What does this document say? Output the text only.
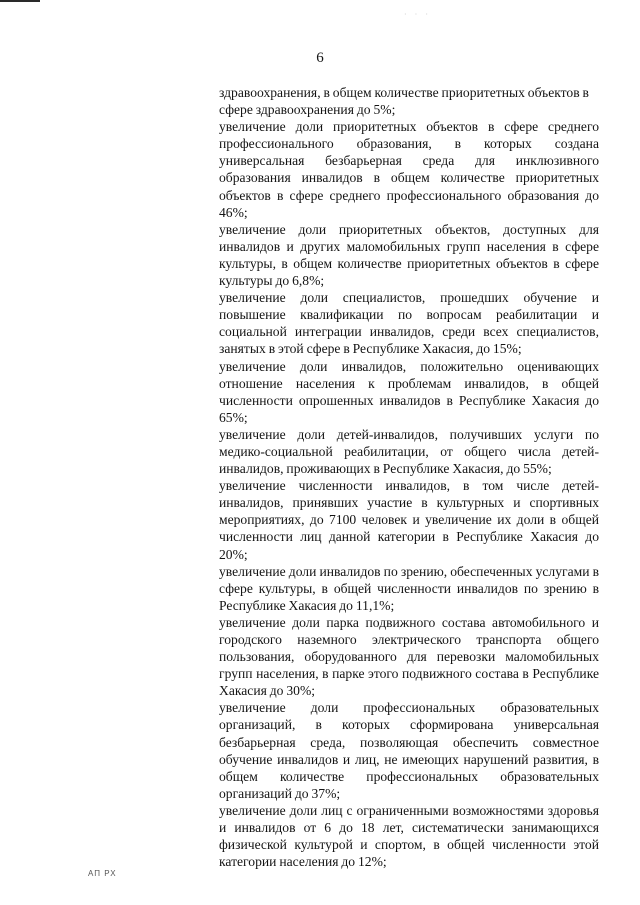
· · ·
6

здравоохранения, в общем количестве приоритетных объектов в сфере здравоохранения до 5%;

увеличение доли приоритетных объектов в сфере среднего профессионального образования, в которых создана универсальная безбарьерная среда для инклюзивного образования инвалидов в общем количестве приоритетных объектов в сфере среднего профессионального образования до 46%;

увеличение доли приоритетных объектов, доступных для инвалидов и других маломобильных групп населения в сфере культуры, в общем количестве приоритетных объектов в сфере культуры до 6,8%;

увеличение доли специалистов, прошедших обучение и повышение квалификации по вопросам реабилитации и социальной интеграции инвалидов, среди всех специалистов, занятых в этой сфере в Республике Хакасия, до 15%;

увеличение доли инвалидов, положительно оценивающих отношение населения к проблемам инвалидов, в общей численности опрошенных инвалидов в Республике Хакасия до 65%;

увеличение доли детей-инвалидов, получивших услуги по медико-социальной реабилитации, от общего числа детей-инвалидов, проживающих в Республике Хакасия, до 55%;

увеличение численности инвалидов, в том числе детей-инвалидов, принявших участие в культурных и спортивных мероприятиях, до 7100 человек и увеличение их доли в общей численности лиц данной категории в Республике Хакасия до 20%;

увеличение доли инвалидов по зрению, обеспеченных услугами в сфере культуры, в общей численности инвалидов по зрению в Республике Хакасия до 11,1%;

увеличение доли парка подвижного состава автомобильного и городского наземного электрического транспорта общего пользования, оборудованного для перевозки маломобильных групп населения, в парке этого подвижного состава в Республике Хакасия до 30%;

увеличение доли профессиональных образовательных организаций, в которых сформирована универсальная безбарьерная среда, позволяющая обеспечить совместное обучение инвалидов и лиц, не имеющих нарушений развития, в общем количестве профессиональных образовательных организаций до 37%;

увеличение доли лиц с ограниченными возможностями здоровья и инвалидов от 6 до 18 лет, систематически занимающихся физической культурой и спортом, в общей численности этой категории населения до 12%;

АП РХ
